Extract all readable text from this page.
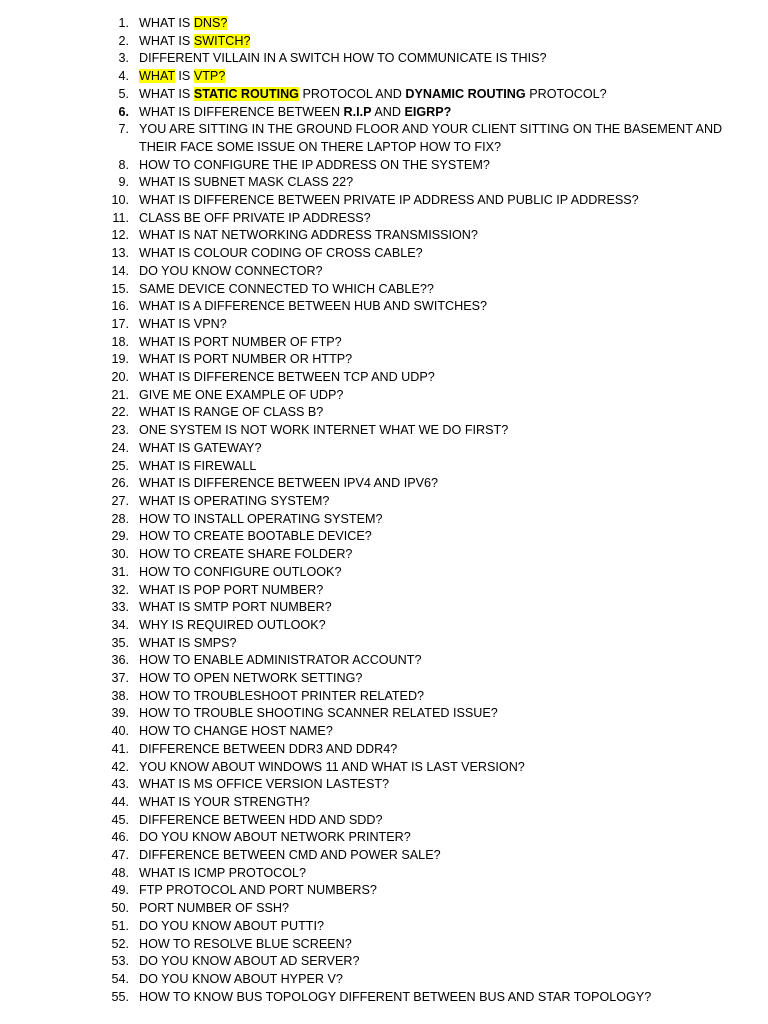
1. WHAT IS DNS?
2. WHAT IS SWITCH?
3. DIFFERENT VILLAIN IN A SWITCH HOW TO COMMUNICATE IS THIS?
4. WHAT IS VTP?
5. WHAT IS STATIC ROUTING PROTOCOL AND DYNAMIC ROUTING PROTOCOL?
6. WHAT IS DIFFERENCE BETWEEN R.I.P AND EIGRP?
7. YOU ARE SITTING IN THE GROUND FLOOR AND YOUR CLIENT SITTING ON THE BASEMENT AND THEIR FACE SOME ISSUE ON THERE LAPTOP HOW TO FIX?
8. HOW TO CONFIGURE THE IP ADDRESS ON THE SYSTEM?
9. WHAT IS SUBNET MASK CLASS 22?
10. WHAT IS DIFFERENCE BETWEEN PRIVATE IP ADDRESS AND PUBLIC IP ADDRESS?
11. CLASS BE OFF PRIVATE IP ADDRESS?
12. WHAT IS NAT NETWORKING ADDRESS TRANSMISSION?
13. WHAT IS COLOUR CODING OF CROSS CABLE?
14. DO YOU KNOW CONNECTOR?
15. SAME DEVICE CONNECTED TO WHICH CABLE??
16. WHAT IS A DIFFERENCE BETWEEN HUB AND SWITCHES?
17. WHAT IS VPN?
18. WHAT IS PORT NUMBER OF FTP?
19. WHAT IS PORT NUMBER OR HTTP?
20. WHAT IS DIFFERENCE BETWEEN TCP AND UDP?
21. GIVE ME ONE EXAMPLE OF UDP?
22. WHAT IS RANGE OF CLASS B?
23. ONE SYSTEM IS NOT WORK INTERNET WHAT WE DO FIRST?
24. WHAT IS GATEWAY?
25. WHAT IS FIREWALL
26. WHAT IS DIFFERENCE BETWEEN IPV4 AND IPV6?
27. WHAT IS OPERATING SYSTEM?
28. HOW TO INSTALL OPERATING SYSTEM?
29. HOW TO CREATE BOOTABLE DEVICE?
30. HOW TO CREATE SHARE FOLDER?
31. HOW TO CONFIGURE OUTLOOK?
32. WHAT IS POP PORT NUMBER?
33. WHAT IS SMTP PORT NUMBER?
34. WHY IS REQUIRED OUTLOOK?
35. WHAT IS SMPS?
36. HOW TO ENABLE ADMINISTRATOR ACCOUNT?
37. HOW TO OPEN NETWORK SETTING?
38. HOW TO TROUBLESHOOT PRINTER RELATED?
39. HOW TO TROUBLE SHOOTING SCANNER RELATED ISSUE?
40. HOW TO CHANGE HOST NAME?
41. DIFFERENCE BETWEEN DDR3 AND DDR4?
42. YOU KNOW ABOUT WINDOWS 11 AND WHAT IS LAST VERSION?
43. WHAT IS MS OFFICE VERSION LASTEST?
44. WHAT IS YOUR STRENGTH?
45. DIFFERENCE BETWEEN HDD AND SDD?
46. DO YOU KNOW ABOUT NETWORK PRINTER?
47. DIFFERENCE BETWEEN CMD AND POWER SALE?
48. WHAT IS ICMP PROTOCOL?
49. FTP PROTOCOL AND PORT NUMBERS?
50. PORT NUMBER OF SSH?
51. DO YOU KNOW ABOUT PUTTI?
52. HOW TO RESOLVE BLUE SCREEN?
53. DO YOU KNOW ABOUT AD SERVER?
54. DO YOU KNOW ABOUT HYPER V?
55. HOW TO KNOW BUS TOPOLOGY DIFFERENT BETWEEN BUS AND STAR TOPOLOGY?
